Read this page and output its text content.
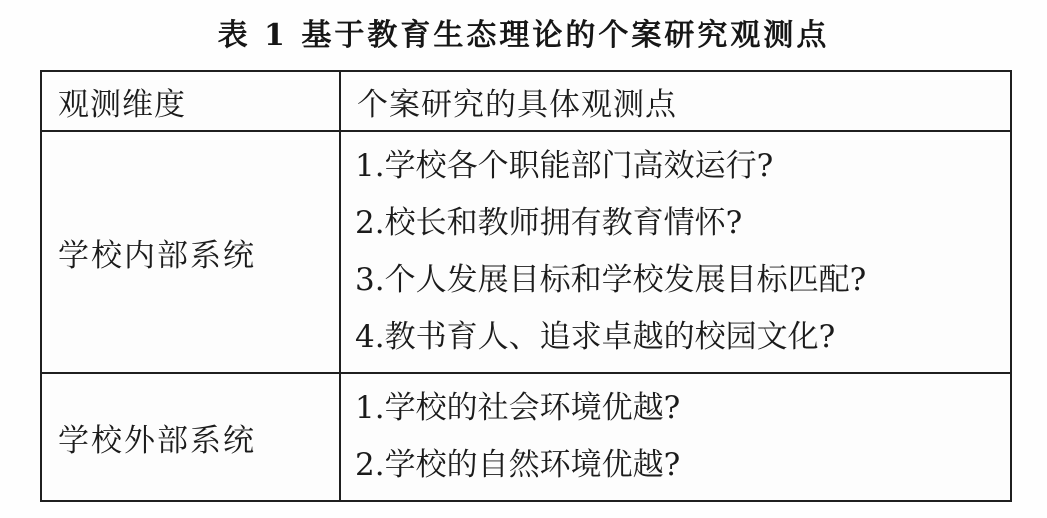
表 1 基于教育生态理论的个案研究观测点
观测维度	个案研究的具体观测点
学校内部系统	1.学校各个职能部门高效运行?
2.校长和教师拥有教育情怀?
3.个人发展目标和学校发展目标匹配?
4.教书育人、追求卓越的校园文化?

学校外部系统	1.学校的社会环境优越?
2.学校的自然环境优越?
